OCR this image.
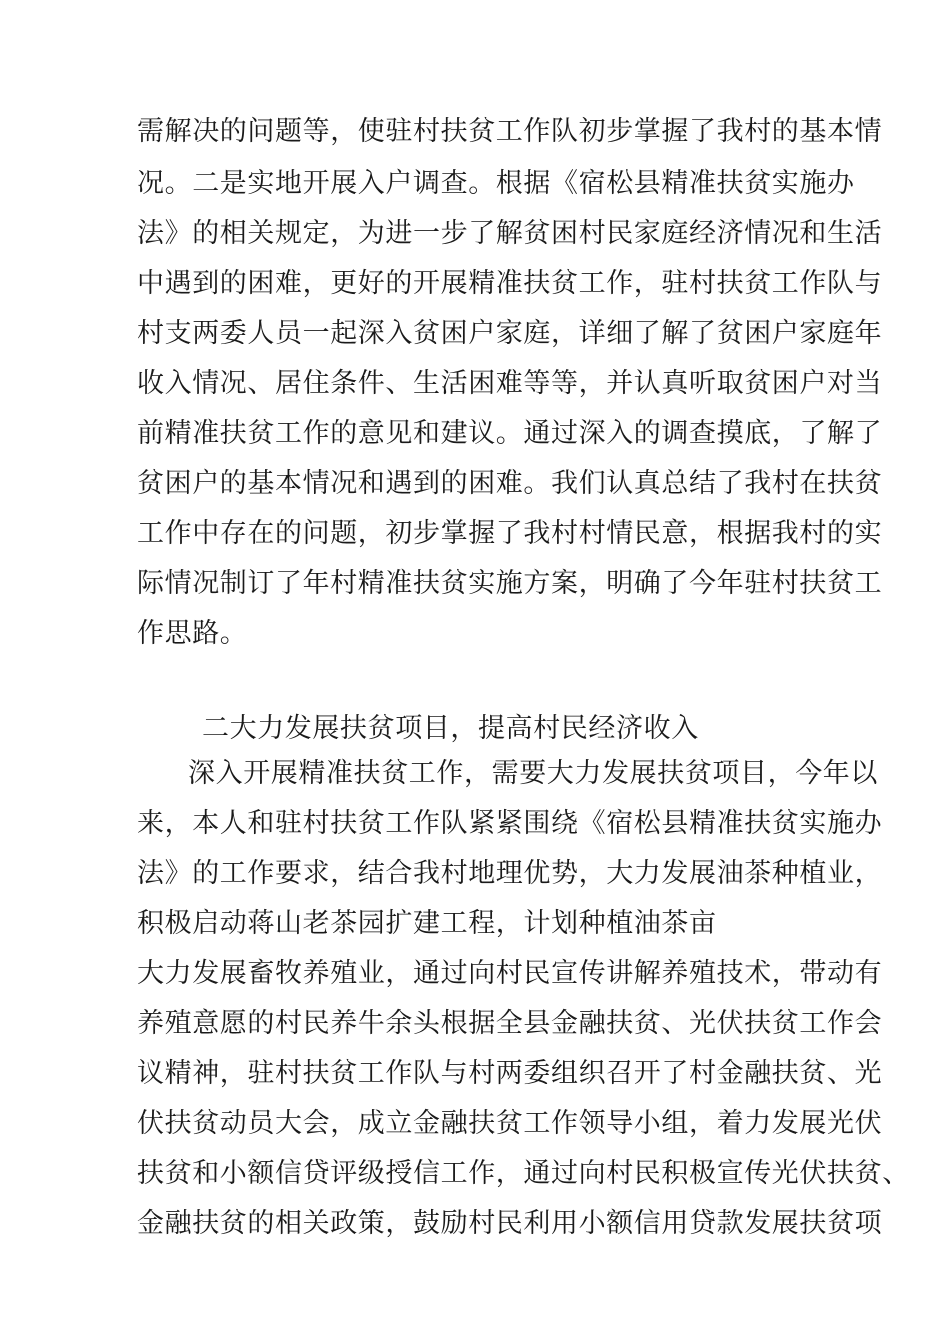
需解决的问题等，使驻村扶贫工作队初步掌握了我村的基本情
况。二是实地开展入户调查。根据《宿松县精准扶贫实施办
法》的相关规定，为进一步了解贫困村民家庭经济情况和生活
中遇到的困难，更好的开展精准扶贫工作，驻村扶贫工作队与
村支两委人员一起深入贫困户家庭，详细了解了贫困户家庭年
收入情况、居住条件、生活困难等等，并认真听取贫困户对当
前精准扶贫工作的意见和建议。通过深入的调查摸底，了解了
贫困户的基本情况和遇到的困难。我们认真总结了我村在扶贫
工作中存在的问题，初步掌握了我村村情民意，根据我村的实
际情况制订了年村精准扶贫实施方案，明确了今年驻村扶贫工
作思路。
二大力发展扶贫项目，提高村民经济收入
深入开展精准扶贫工作，需要大力发展扶贫项目，今年以
来，本人和驻村扶贫工作队紧紧围绕《宿松县精准扶贫实施办
法》的工作要求，结合我村地理优势，大力发展油茶种植业，
积极启动蒋山老茶园扩建工程，计划种植油茶亩
大力发展畜牧养殖业，通过向村民宣传讲解养殖技术，带动有
养殖意愿的村民养牛余头根据全县金融扶贫、光伏扶贫工作会
议精神，驻村扶贫工作队与村两委组织召开了村金融扶贫、光
伏扶贫动员大会，成立金融扶贫工作领导小组，着力发展光伏
扶贫和小额信贷评级授信工作，通过向村民积极宣传光伏扶贫、
金融扶贫的相关政策，鼓励村民利用小额信用贷款发展扶贫项
